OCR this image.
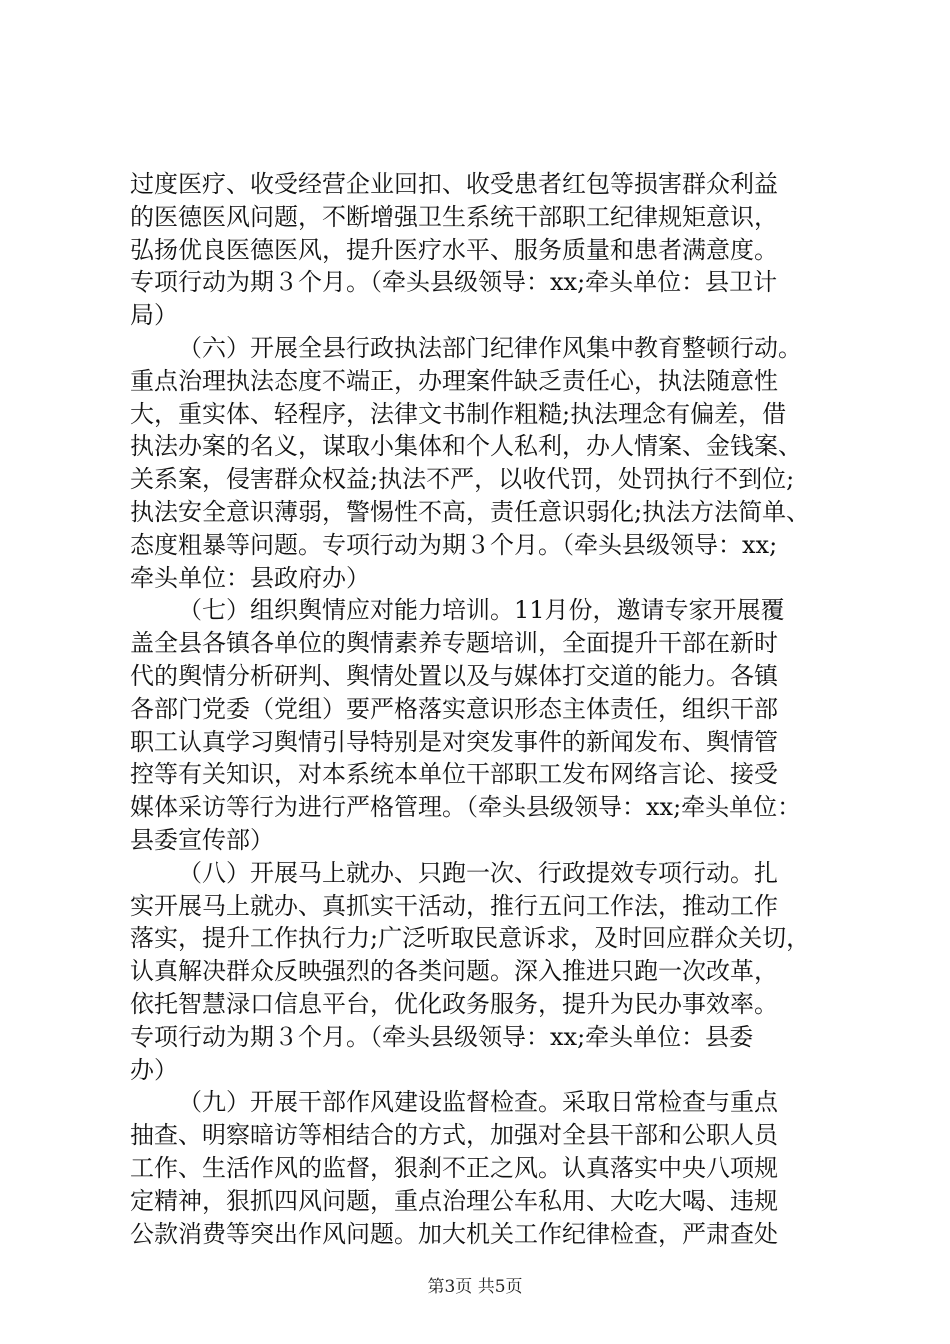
过度医疗、收受经营企业回扣、收受患者红包等损害群众利益
的医德医风问题，不断增强卫生系统干部职工纪律规矩意识，
弘扬优良医德医风，提升医疗水平、服务质量和患者满意度。
专项行动为期３个月。（牵头县级领导：xx;牵头单位：县卫计
局）
（六）开展全县行政执法部门纪律作风集中教育整顿行动。
重点治理执法态度不端正，办理案件缺乏责任心，执法随意性
大，重实体、轻程序，法律文书制作粗糙;执法理念有偏差，借
执法办案的名义，谋取小集体和个人私利，办人情案、金钱案、
关系案，侵害群众权益;执法不严，以收代罚，处罚执行不到位;
执法安全意识薄弱，警惕性不高，责任意识弱化;执法方法简单、
态度粗暴等问题。专项行动为期３个月。（牵头县级领导：xx;
牵头单位：县政府办）
（七）组织舆情应对能力培训。11月份，邀请专家开展覆
盖全县各镇各单位的舆情素养专题培训，全面提升干部在新时
代的舆情分析研判、舆情处置以及与媒体打交道的能力。各镇
各部门党委（党组）要严格落实意识形态主体责任，组织干部
职工认真学习舆情引导特别是对突发事件的新闻发布、舆情管
控等有关知识，对本系统本单位干部职工发布网络言论、接受
媒体采访等行为进行严格管理。（牵头县级领导：xx;牵头单位：
县委宣传部）
（八）开展马上就办、只跑一次、行政提效专项行动。扎
实开展马上就办、真抓实干活动，推行五问工作法，推动工作
落实，提升工作执行力;广泛听取民意诉求，及时回应群众关切，
认真解决群众反映强烈的各类问题。深入推进只跑一次改革，
依托智慧渌口信息平台，优化政务服务，提升为民办事效率。
专项行动为期３个月。（牵头县级领导：xx;牵头单位：县委
办）
（九）开展干部作风建设监督检查。采取日常检查与重点
抽查、明察暗访等相结合的方式，加强对全县干部和公职人员
工作、生活作风的监督，狠刹不正之风。认真落实中央八项规
定精神，狠抓四风问题，重点治理公车私用、大吃大喝、违规
公款消费等突出作风问题。加大机关工作纪律检查，严肃查处
第3页 共5页
